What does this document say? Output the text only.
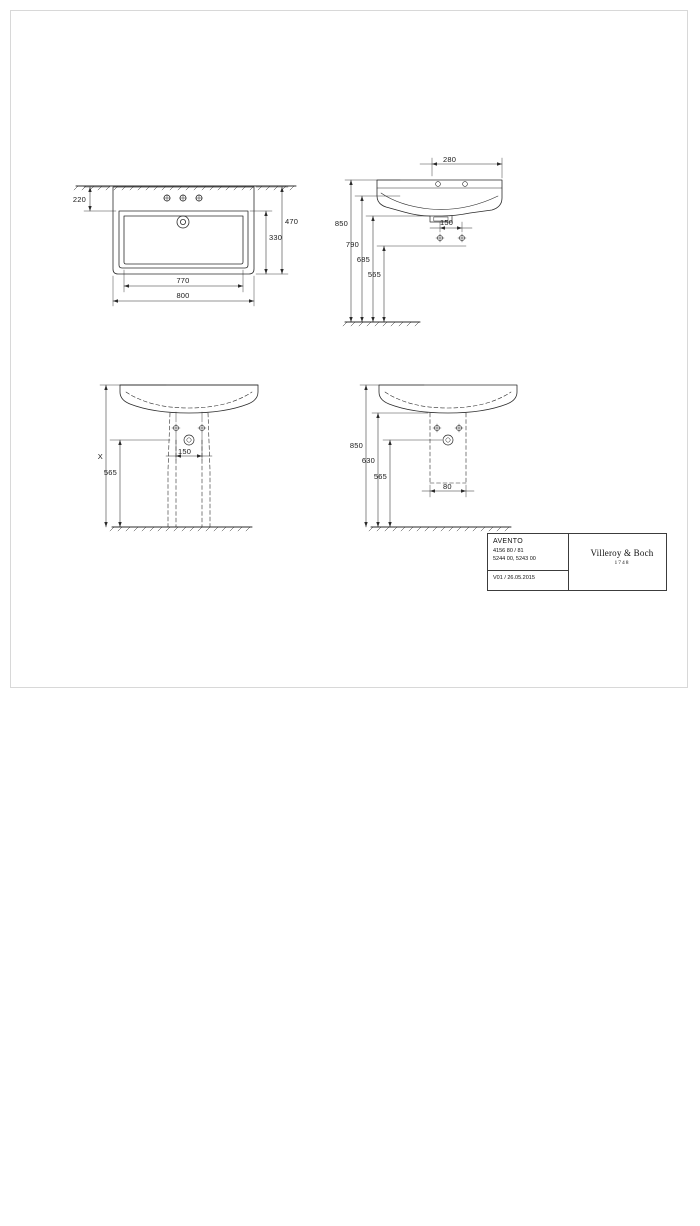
220
470
330
770
800
280
850
790
685
565
150
X
565
150
850
630
565
80
AVENTO
4156 80 / 81
5244 00, 5243 00
V01 / 26.05.2015
Villeroy & Boch
1748
